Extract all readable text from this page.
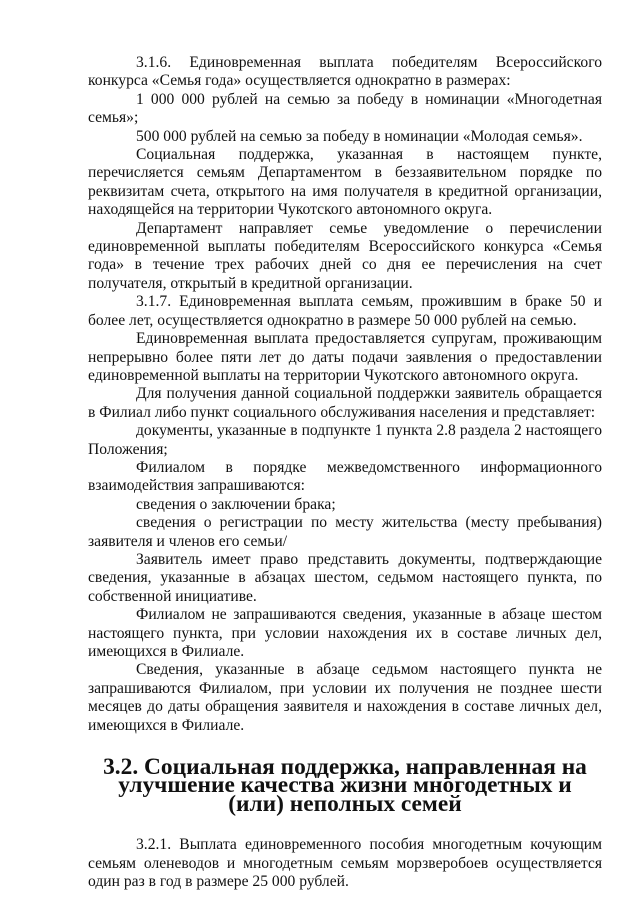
3.1.6. Единовременная выплата победителям Всероссийского конкурса «Семья года» осуществляется однократно в размерах:

1 000 000 рублей на семью за победу в номинации «Многодетная семья»;

500 000 рублей на семью за победу в номинации «Молодая семья».

Социальная поддержка, указанная в настоящем пункте, перечисляется семьям Департаментом в беззаявительном порядке по реквизитам счета, открытого на имя получателя в кредитной организации, находящейся на территории Чукотского автономного округа.

Департамент направляет семье уведомление о перечислении единовременной выплаты победителям Всероссийского конкурса «Семья года» в течение трех рабочих дней со дня ее перечисления на счет получателя, открытый в кредитной организации.

3.1.7. Единовременная выплата семьям, прожившим в браке 50 и более лет, осуществляется однократно в размере 50 000 рублей на семью.

Единовременная выплата предоставляется супругам, проживающим непрерывно более пяти лет до даты подачи заявления о предоставлении единовременной выплаты на территории Чукотского автономного округа.

Для получения данной социальной поддержки заявитель обращается в Филиал либо пункт социального обслуживания населения и представляет:

документы, указанные в подпункте 1 пункта 2.8 раздела 2 настоящего Положения;

Филиалом в порядке межведомственного информационного взаимодействия запрашиваются:

сведения о заключении брака;

сведения о регистрации по месту жительства (месту пребывания) заявителя и членов его семьи/

Заявитель имеет право представить документы, подтверждающие сведения, указанные в абзацах шестом, седьмом настоящего пункта, по собственной инициативе.

Филиалом не запрашиваются сведения, указанные в абзаце шестом настоящего пункта, при условии нахождения их в составе личных дел, имеющихся в Филиале.

Сведения, указанные в абзаце седьмом настоящего пункта не запрашиваются Филиалом, при условии их получения не позднее шести месяцев до даты обращения заявителя и нахождения в составе личных дел, имеющихся в Филиале.

3.2. Социальная поддержка, направленная на улучшение качества жизни многодетных и (или) неполных семей

3.2.1. Выплата единовременного пособия многодетным кочующим семьям оленеводов и многодетным семьям морзверобоев осуществляется один раз в год в размере 25 000 рублей.
